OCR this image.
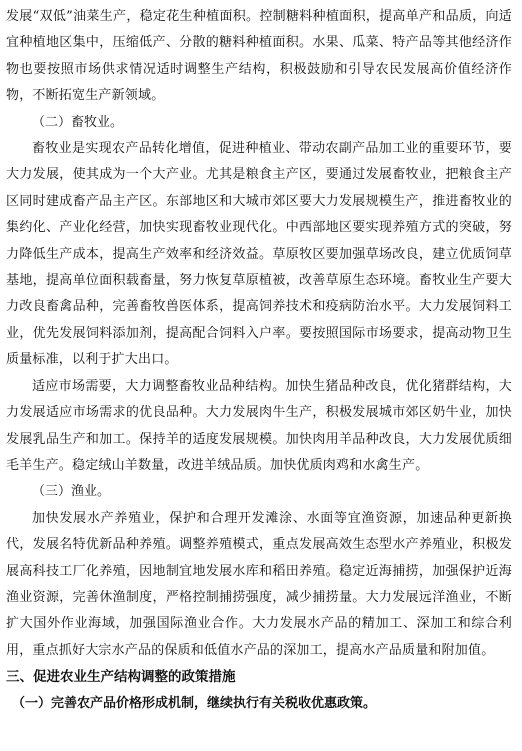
发展“双低”油菜生产，稳定花生种植面积。控制糖料种植面积，提高单产和品质，向适宜种植地区集中，压缩低产、分散的糖料种植面积。水果、瓜菜、特产品等其他经济作物也要按照市场供求情况适时调整生产结构，积极鼓励和引导农民发展高价值经济作物，不断拓宽生产新领域。

（二）畜牧业。

畜牧业是实现农产品转化增值，促进种植业、带动农副产品加工业的重要环节，要大力发展，使其成为一个大产业。尤其是粮食主产区，要通过发展畜牧业，把粮食主产区同时建成畜产品主产区。东部地区和大城市郊区要大力发展规模生产，推进畜牧业的集约化、产业化经营，加快实现畜牧业现代化。中西部地区要实现养殖方式的突破，努力降低生产成本，提高生产效率和经济效益。草原牧区要加强草场改良，建立优质饲草基地，提高单位面积载畜量，努力恢复草原植被，改善草原生态环境。畜牧业生产要大力改良畜禽品种，完善畜牧兽医体系，提高饲养技术和疫病防治水平。大力发展饲料工业，优先发展饲料添加剂，提高配合饲料入户率。要按照国际市场要求，提高动物卫生质量标准，以利于扩大出口。

适应市场需要，大力调整畜牧业品种结构。加快生猪品种改良，优化猪群结构，大力发展适应市场需求的优良品种。大力发展肉牛生产，积极发展城市郊区奶牛业，加快发展乳品生产和加工。保持羊的适度发展规模。加快肉用羊品种改良，大力发展优质细毛羊生产。稳定绒山羊数量，改进羊绒品质。加快优质肉鸡和水禽生产。

（三）渔业。

加快发展水产养殖业，保护和合理开发滩涂、水面等宜渔资源，加速品种更新换代，发展名特优新品种养殖。调整养殖模式，重点发展高效生态型水产养殖业，积极发展高科技工厂化养殖，因地制宜地发展水库和稻田养殖。稳定近海捕捞，加强保护近海渔业资源，完善休渔制度，严格控制捕捞强度，减少捕捞量。大力发展远洋渔业，不断扩大国外作业海域，加强国际渔业合作。大力发展水产品的精加工、深加工和综合利用，重点抓好大宗水产品的保质和低值水产品的深加工，提高水产品质量和附加值。

三、促进农业生产结构调整的政策措施

（一）完善农产品价格形成机制，继续执行有关税收优惠政策。
